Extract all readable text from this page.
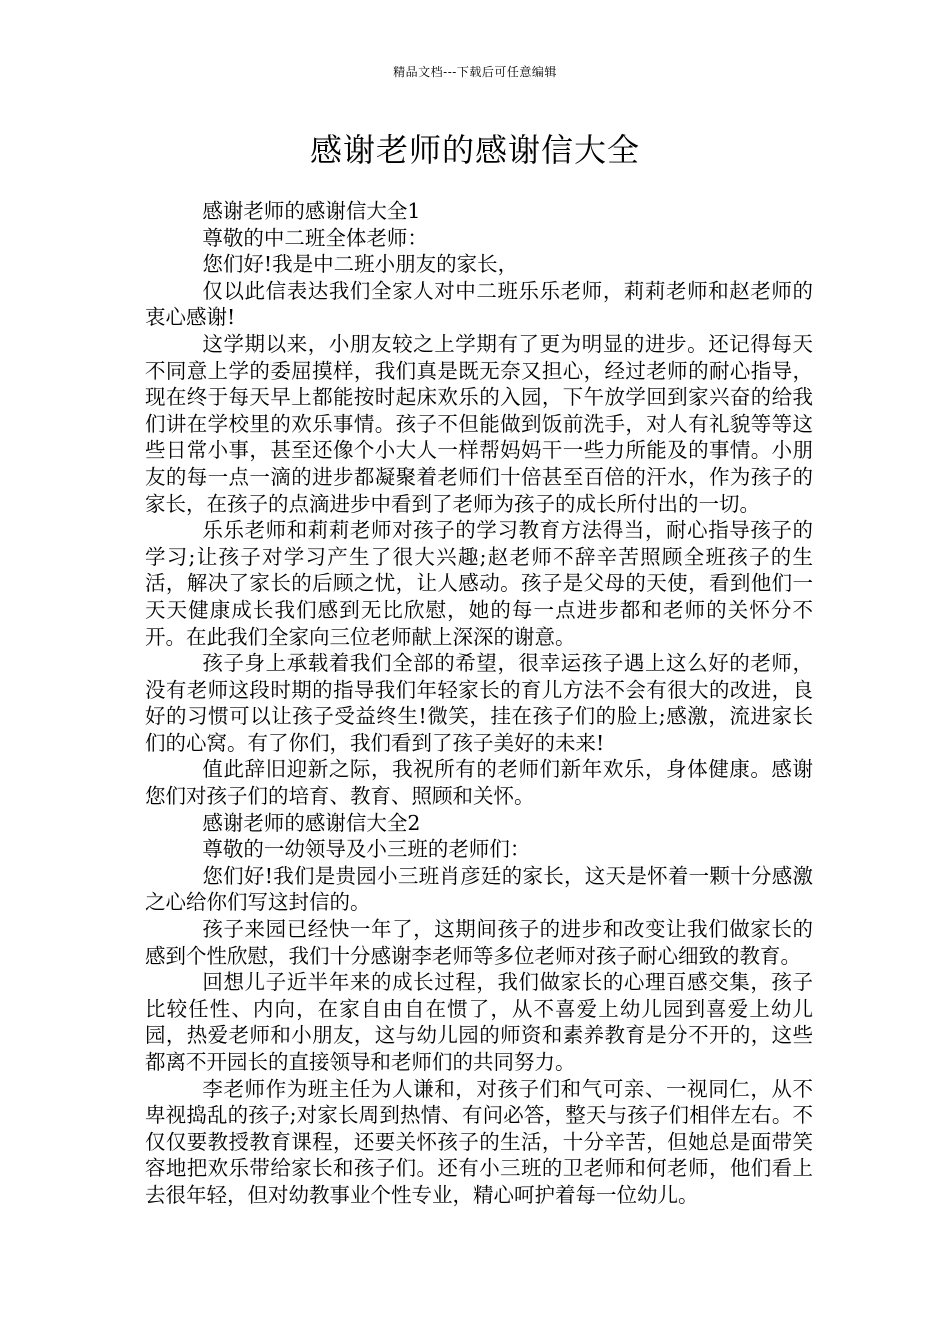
精品文档---下载后可任意编辑
感谢老师的感谢信大全

感谢老师的感谢信大全1

尊敬的中二班全体老师：

您们好!我是中二班小朋友的家长，

仅以此信表达我们全家人对中二班乐乐老师，莉莉老师和赵老师的衷心感谢!

这学期以来，小朋友较之上学期有了更为明显的进步。还记得每天不同意上学的委屈摸样，我们真是既无奈又担心，经过老师的耐心指导，现在终于每天早上都能按时起床欢乐的入园，下午放学回到家兴奋的给我们讲在学校里的欢乐事情。孩子不但能做到饭前洗手，对人有礼貌等等这些日常小事，甚至还像个小大人一样帮妈妈干一些力所能及的事情。小朋友的每一点一滴的进步都凝聚着老师们十倍甚至百倍的汗水，作为孩子的家长，在孩子的点滴进步中看到了老师为孩子的成长所付出的一切。

乐乐老师和莉莉老师对孩子的学习教育方法得当，耐心指导孩子的学习;让孩子对学习产生了很大兴趣;赵老师不辞辛苦照顾全班孩子的生活，解决了家长的后顾之忧，让人感动。孩子是父母的天使，看到他们一天天健康成长我们感到无比欣慰，她的每一点进步都和老师的关怀分不开。在此我们全家向三位老师献上深深的谢意。

孩子身上承载着我们全部的希望，很幸运孩子遇上这么好的老师，没有老师这段时期的指导我们年轻家长的育儿方法不会有很大的改进，良好的习惯可以让孩子受益终生!微笑，挂在孩子们的脸上;感激，流进家长们的心窝。有了你们，我们看到了孩子美好的未来!

值此辞旧迎新之际，我祝所有的老师们新年欢乐，身体健康。感谢您们对孩子们的培育、教育、照顾和关怀。

感谢老师的感谢信大全2

尊敬的一幼领导及小三班的老师们：

您们好!我们是贵园小三班肖彦廷的家长，这天是怀着一颗十分感激之心给你们写这封信的。

孩子来园已经快一年了，这期间孩子的进步和改变让我们做家长的感到个性欣慰，我们十分感谢李老师等多位老师对孩子耐心细致的教育。

回想儿子近半年来的成长过程，我们做家长的心理百感交集，孩子比较任性、内向，在家自由自在惯了，从不喜爱上幼儿园到喜爱上幼儿园，热爱老师和小朋友，这与幼儿园的师资和素养教育是分不开的，这些都离不开园长的直接领导和老师们的共同努力。

李老师作为班主任为人谦和，对孩子们和气可亲、一视同仁，从不卑视捣乱的孩子;对家长周到热情、有问必答，整天与孩子们相伴左右。不仅仅要教授教育课程，还要关怀孩子的生活，十分辛苦，但她总是面带笑容地把欢乐带给家长和孩子们。还有小三班的卫老师和何老师，他们看上去很年轻，但对幼教事业个性专业，精心呵护着每一位幼儿。
